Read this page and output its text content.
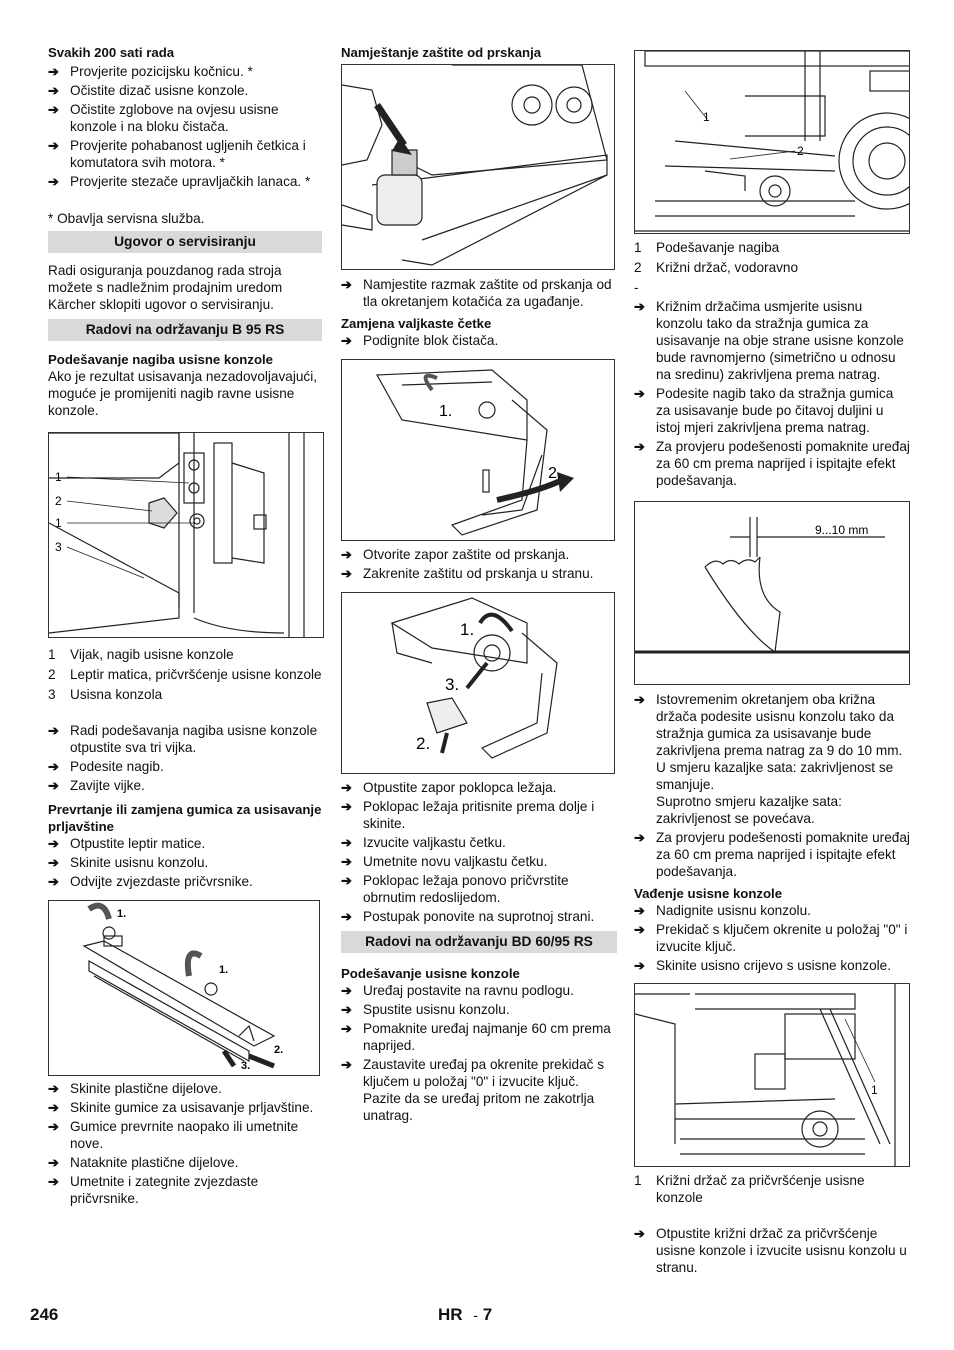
Svakih 200 sati rada
➔ Provjerite pozicijsku kočnicu. *
➔ Očistite dizač usisne konzole.
➔ Očistite zglobove na ovjesu usisne konzole i na bloku čistača.
➔ Provjerite pohabanost ugljenih četkica i komutatora svih motora. *
➔ Provjerite stezače upravljačkih lanaca. *

* Obavlja servisna služba.

Ugovor o servisiranju

Radi osiguranja pouzdanog rada stroja možete s nadležnim prodajnim uredom Kärcher sklopiti ugovor o servisiranju.

Radovi na održavanju B 95 RS
Podešavanje nagiba usisne konzole

Ako je rezultat usisavanja nezadovoljavajući, moguće je promijeniti nagib ravne usisne konzole.

1
2
1
3
1 Vijak, nagib usisne konzole
2 Leptir matica, pričvršćenje usisne konzole
3 Usisna konzola
➔ Radi podešavanja nagiba usisne konzole otpustite sva tri vijka.
➔ Podesite nagib.
➔ Zavijte vijke.
Prevrtanje ili zamjena gumica za usisavanje prljavštine
➔ Otpustite leptir matice.
➔ Skinite usisnu konzolu.
➔ Odvijte zvjezdaste pričvrsnike.
1.
1.
2.
3.
➔ Skinite plastične dijelove.
➔ Skinite gumice za usisavanje prljavštine.
➔ Gumice prevrnite naopako ili umetnite nove.
➔ Nataknite plastične dijelove.
➔ Umetnite i zategnite zvjezdaste pričvrsnike.
Namještanje zaštite od prskanja
➔ Namjestite razmak zaštite od prskanja od tla okretanjem kotačića za ugađanje.
Zamjena valjkaste četke
➔ Podignite blok čistača.
1.
2.
➔ Otvorite zapor zaštite od prskanja.
➔ Zakrenite zaštitu od prskanja u stranu.
1.
3.
2.
➔ Otpustite zapor poklopca ležaja.
➔ Poklopac ležaja pritisnite prema dolje i skinite.
➔ Izvucite valjkastu četku.
➔ Umetnite novu valjkastu četku.
➔ Poklopac ležaja ponovo pričvrstite obrnutim redoslijedom.
➔ Postupak ponovite na suprotnoj strani.
Radovi na održavanju BD 60/95 RS
Podešavanje usisne konzole
➔ Uređaj postavite na ravnu podlogu.
➔ Spustite usisnu konzolu.
➔ Pomaknite uređaj najmanje 60 cm prema naprijed.
➔ Zaustavite uređaj pa okrenite prekidač s ključem u položaj "0" i izvucite ključ. Pazite da se uređaj pritom ne zakotrlja unatrag.
1
2
1 Podešavanje nagiba
2 Križni držač, vodoravno

-

➔ Križnim držačima usmjerite usisnu konzolu tako da stražnja gumica za usisavanje na obje strane usisne konzole bude ravnomjerno (simetrično u odnosu na sredinu) zakrivljena prema natrag.
➔ Podesite nagib tako da stražnja gumica za usisavanje bude po čitavoj duljini u istoj mjeri zakrivljena prema natrag.
➔ Za provjeru podešenosti pomaknite uređaj za 60 cm prema naprijed i ispitajte efekt podešavanja.
9...10 mm
➔ Istovremenim okretanjem oba križna držača podesite usisnu konzolu tako da stražnja gumica za usisavanje bude zakrivljena prema natrag za 9 do 10 mm.
U smjeru kazaljke sata: zakrivljenost se smanjuje.
Suprotno smjeru kazaljke sata: zakrivljenost se povećava.
➔ Za provjeru podešenosti pomaknite uređaj za 60 cm prema naprijed i ispitajte efekt podešavanja.
Vađenje usisne konzole
➔ Nadignite usisnu konzolu.
➔ Prekidač s ključem okrenite u položaj "0" i izvucite ključ.
➔ Skinite usisno crijevo s usisne konzole.
1
1 Križni držač za pričvršćenje usisne konzole
➔ Otpustite križni držač za pričvršćenje usisne konzole i izvucite usisnu konzolu u stranu.
246	HR - 7
